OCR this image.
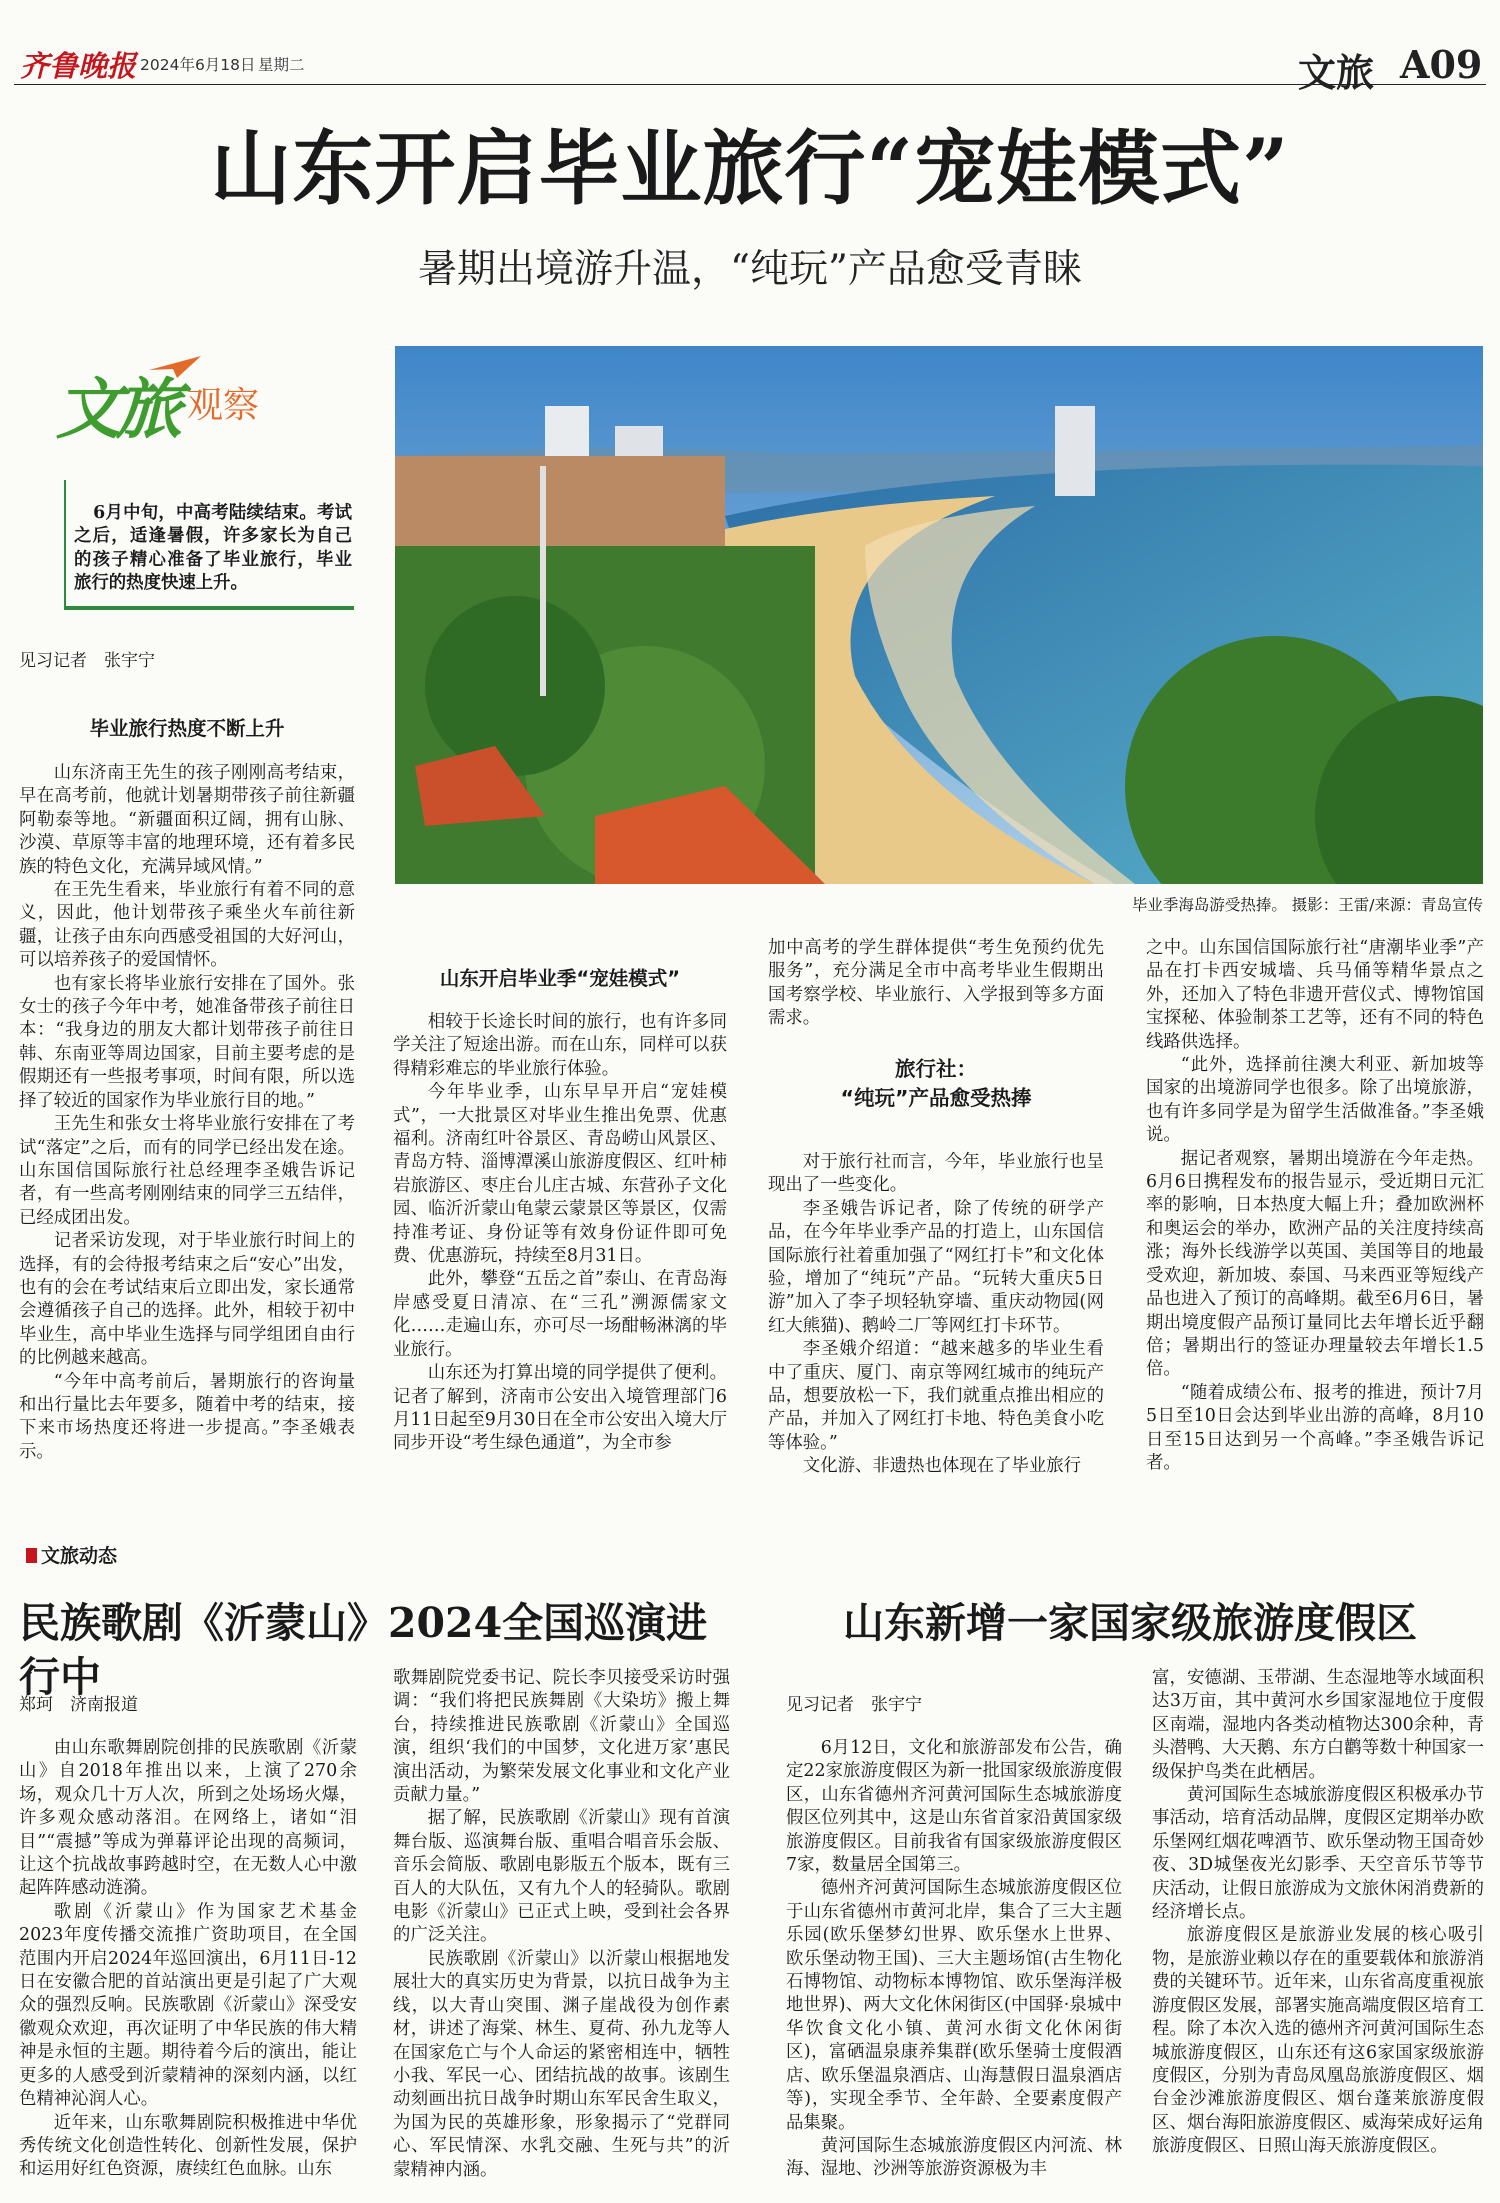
齐鲁晚报 2024年6月18日 星期二	文旅 A09
山东开启毕业旅行“宠娃模式”
暑期出境游升温，“纯玩”产品愈受青睐
文旅 观察
6月中旬，中高考陆续结束。考试之后，适逢暑假，许多家长为自己的孩子精心准备了毕业旅行，毕业旅行的热度快速上升。
毕业季海岛游受热捧。 摄影：王雷/来源：青岛宣传
见习记者　张宇宁
毕业旅行热度不断上升

山东济南王先生的孩子刚刚高考结束，早在高考前，他就计划暑期带孩子前往新疆阿勒泰等地。“新疆面积辽阔，拥有山脉、沙漠、草原等丰富的地理环境，还有着多民族的特色文化，充满异域风情。”

在王先生看来，毕业旅行有着不同的意义，因此，他计划带孩子乘坐火车前往新疆，让孩子由东向西感受祖国的大好河山，可以培养孩子的爱国情怀。

也有家长将毕业旅行安排在了国外。张女士的孩子今年中考，她准备带孩子前往日本：“我身边的朋友大都计划带孩子前往日韩、东南亚等周边国家，目前主要考虑的是假期还有一些报考事项，时间有限，所以选择了较近的国家作为毕业旅行目的地。”

王先生和张女士将毕业旅行安排在了考试“落定”之后，而有的同学已经出发在途。山东国信国际旅行社总经理李圣娥告诉记者，有一些高考刚刚结束的同学三五结伴，已经成团出发。

记者采访发现，对于毕业旅行时间上的选择，有的会待报考结束之后“安心”出发，也有的会在考试结束后立即出发，家长通常会遵循孩子自己的选择。此外，相较于初中毕业生，高中毕业生选择与同学组团自由行的比例越来越高。

“今年中高考前后，暑期旅行的咨询量和出行量比去年要多，随着中考的结束，接下来市场热度还将进一步提高。”李圣娥表示。

山东开启毕业季“宠娃模式”

相较于长途长时间的旅行，也有许多同学关注了短途出游。而在山东，同样可以获得精彩难忘的毕业旅行体验。

今年毕业季，山东早早开启“宠娃模式”，一大批景区对毕业生推出免票、优惠福利。济南红叶谷景区、青岛崂山风景区、青岛方特、淄博潭溪山旅游度假区、红叶柿岩旅游区、枣庄台儿庄古城、东营孙子文化园、临沂沂蒙山龟蒙云蒙景区等景区，仅需持准考证、身份证等有效身份证件即可免费、优惠游玩，持续至8月31日。

此外，攀登“五岳之首”泰山、在青岛海岸感受夏日清凉、在“三孔”溯源儒家文化……走遍山东，亦可尽一场酣畅淋漓的毕业旅行。

山东还为打算出境的同学提供了便利。记者了解到，济南市公安出入境管理部门6月11日起至9月30日在全市公安出入境大厅同步开设“考生绿色通道”，为全市参

加中高考的学生群体提供“考生免预约优先服务”，充分满足全市中高考毕业生假期出国考察学校、毕业旅行、入学报到等多方面需求。

旅行社：
“纯玩”产品愈受热捧

对于旅行社而言，今年，毕业旅行也呈现出了一些变化。

李圣娥告诉记者，除了传统的研学产品，在今年毕业季产品的打造上，山东国信国际旅行社着重加强了“网红打卡”和文化体验，增加了“纯玩”产品。“玩转大重庆5日游”加入了李子坝轻轨穿墙、重庆动物园(网红大熊猫)、鹅岭二厂等网红打卡环节。

李圣娥介绍道：“越来越多的毕业生看中了重庆、厦门、南京等网红城市的纯玩产品，想要放松一下，我们就重点推出相应的产品，并加入了网红打卡地、特色美食小吃等体验。”

文化游、非遗热也体现在了毕业旅行

之中。山东国信国际旅行社“唐潮毕业季”产品在打卡西安城墙、兵马俑等精华景点之外，还加入了特色非遗开营仪式、博物馆国宝探秘、体验制茶工艺等，还有不同的特色线路供选择。

“此外，选择前往澳大利亚、新加坡等国家的出境游同学也很多。除了出境旅游，也有许多同学是为留学生活做准备。”李圣娥说。

据记者观察，暑期出境游在今年走热。6月6日携程发布的报告显示，受近期日元汇率的影响，日本热度大幅上升；叠加欧洲杯和奥运会的举办，欧洲产品的关注度持续高涨；海外长线游学以英国、美国等目的地最受欢迎，新加坡、泰国、马来西亚等短线产品也进入了预订的高峰期。截至6月6日，暑期出境度假产品预订量同比去年增长近乎翻倍；暑期出行的签证办理量较去年增长1.5倍。

“随着成绩公布、报考的推进，预计7月5日至10日会达到毕业出游的高峰，8月10日至15日达到另一个高峰。”李圣娥告诉记者。

文旅动态
民族歌剧《沂蒙山》2024全国巡演进行中
郑珂　济南报道

由山东歌舞剧院创排的民族歌剧《沂蒙山》自2018年推出以来，上演了270余场，观众几十万人次，所到之处场场火爆，许多观众感动落泪。在网络上，诸如“泪目”“震撼”等成为弹幕评论出现的高频词，让这个抗战故事跨越时空，在无数人心中激起阵阵感动涟漪。

歌剧《沂蒙山》作为国家艺术基金2023年度传播交流推广资助项目，在全国范围内开启2024年巡回演出，6月11日-12日在安徽合肥的首站演出更是引起了广大观众的强烈反响。民族歌剧《沂蒙山》深受安徽观众欢迎，再次证明了中华民族的伟大精神是永恒的主题。期待着今后的演出，能让更多的人感受到沂蒙精神的深刻内涵，以红色精神沁润人心。

近年来，山东歌舞剧院积极推进中华优秀传统文化创造性转化、创新性发展，保护和运用好红色资源，赓续红色血脉。山东

歌舞剧院党委书记、院长李贝接受采访时强调：“我们将把民族舞剧《大染坊》搬上舞台，持续推进民族歌剧《沂蒙山》全国巡演，组织‘我们的中国梦，文化进万家’惠民演出活动，为繁荣发展文化事业和文化产业贡献力量。”

据了解，民族歌剧《沂蒙山》现有首演舞台版、巡演舞台版、重唱合唱音乐会版、音乐会简版、歌剧电影版五个版本，既有三百人的大队伍，又有九个人的轻骑队。歌剧电影《沂蒙山》已正式上映，受到社会各界的广泛关注。

民族歌剧《沂蒙山》以沂蒙山根据地发展壮大的真实历史为背景，以抗日战争为主线，以大青山突围、渊子崖战役为创作素材，讲述了海棠、林生、夏荷、孙九龙等人在国家危亡与个人命运的紧密相连中，牺牲小我、军民一心、团结抗战的故事。该剧生动刻画出抗日战争时期山东军民舍生取义，为国为民的英雄形象，形象揭示了“党群同心、军民情深、水乳交融、生死与共”的沂蒙精神内涵。

山东新增一家国家级旅游度假区
见习记者　张宇宁

6月12日，文化和旅游部发布公告，确定22家旅游度假区为新一批国家级旅游度假区，山东省德州齐河黄河国际生态城旅游度假区位列其中，这是山东省首家沿黄国家级旅游度假区。目前我省有国家级旅游度假区7家，数量居全国第三。

德州齐河黄河国际生态城旅游度假区位于山东省德州市黄河北岸，集合了三大主题乐园(欧乐堡梦幻世界、欧乐堡水上世界、欧乐堡动物王国)、三大主题场馆(古生物化石博物馆、动物标本博物馆、欧乐堡海洋极地世界)、两大文化休闲街区(中国驿·泉城中华饮食文化小镇、黄河水街文化休闲街区)，富硒温泉康养集群(欧乐堡骑士度假酒店、欧乐堡温泉酒店、山海慧假日温泉酒店等)，实现全季节、全年龄、全要素度假产品集聚。

黄河国际生态城旅游度假区内河流、林海、湿地、沙洲等旅游资源极为丰

富，安德湖、玉带湖、生态湿地等水域面积达3万亩，其中黄河水乡国家湿地位于度假区南端，湿地内各类动植物达300余种，青头潜鸭、大天鹅、东方白鹳等数十种国家一级保护鸟类在此栖居。

黄河国际生态城旅游度假区积极承办节事活动，培育活动品牌，度假区定期举办欧乐堡网红烟花啤酒节、欧乐堡动物王国奇妙夜、3D城堡夜光幻影季、天空音乐节等节庆活动，让假日旅游成为文旅休闲消费新的经济增长点。

旅游度假区是旅游业发展的核心吸引物，是旅游业赖以存在的重要载体和旅游消费的关键环节。近年来，山东省高度重视旅游度假区发展，部署实施高端度假区培育工程。除了本次入选的德州齐河黄河国际生态城旅游度假区，山东还有这6家国家级旅游度假区，分别为青岛凤凰岛旅游度假区、烟台金沙滩旅游度假区、烟台蓬莱旅游度假区、烟台海阳旅游度假区、威海荣成好运角旅游度假区、日照山海天旅游度假区。
